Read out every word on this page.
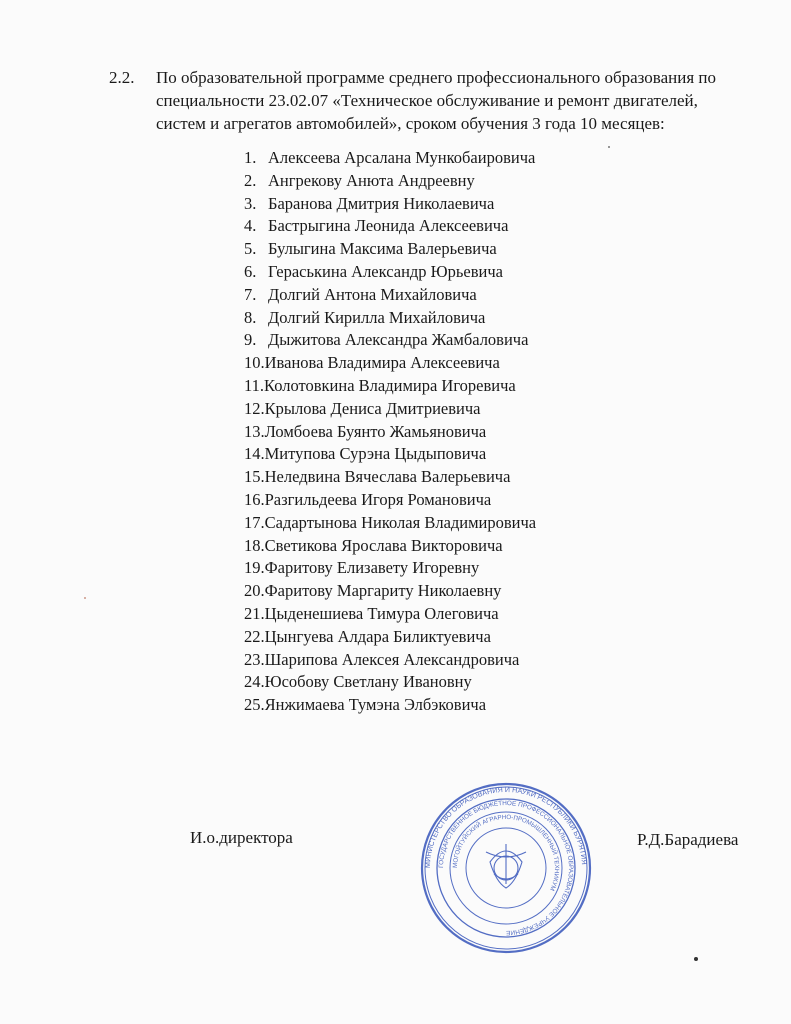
2.2. По образовательной программе среднего профессионального образования по
специальности 23.02.07 «Техническое обслуживание и ремонт двигателей,
систем и агрегатов автомобилей», сроком обучения 3 года 10 месяцев:
1. Алексеева Арсалана Мункобаировича
2. Ангрекову Анюта Андреевну
3. Баранова Дмитрия Николаевича
4. Бастрыгина Леонида Алексеевича
5. Булыгина Максима Валерьевича
6. Гераськина Александр Юрьевича
7. Долгий Антона Михайловича
8. Долгий Кирилла Михайловича
9. Дыжитова Александра Жамбаловича
10.Иванова Владимира Алексеевича
11.Колотовкина Владимира Игоревича
12.Крылова Дениса Дмитриевича
13.Ломбоева Буянто Жамьяновича
14.Митупова Сурэна Цыдыповича
15.Неледвина Вячеслава Валерьевича
16.Разгильдеева Игоря Романовича
17.Садартынова Николая Владимировича
18.Светикова Ярослава Викторовича
19.Фаритову Елизавету Игоревну
20.Фаритову Маргариту Николаевну
21.Цыденешиева Тимура Олеговича
22.Цынгуева Алдара Биликтуевича
23.Шарипова Алексея Александровича
24.Юсобову Светлану Ивановну
25.Янжимаева Тумэна Элбэковича
И.о.директора
МИНИСТЕРСТВО ОБРАЗОВАНИЯ И НАУКИ РЕСПУБЛИКИ БУРЯТИЯ
ГОСУДАРСТВЕННОЕ БЮДЖЕТНОЕ ПРОФЕССИОНАЛЬНОЕ ОБРАЗОВАТЕЛЬНОЕ УЧРЕЖДЕНИЕ
МОГОЙТУЙСКИЙ АГРАРНО-ПРОМЫШЛЕННЫЙ ТЕХНИКУМ
Р.Д.Барадиева
